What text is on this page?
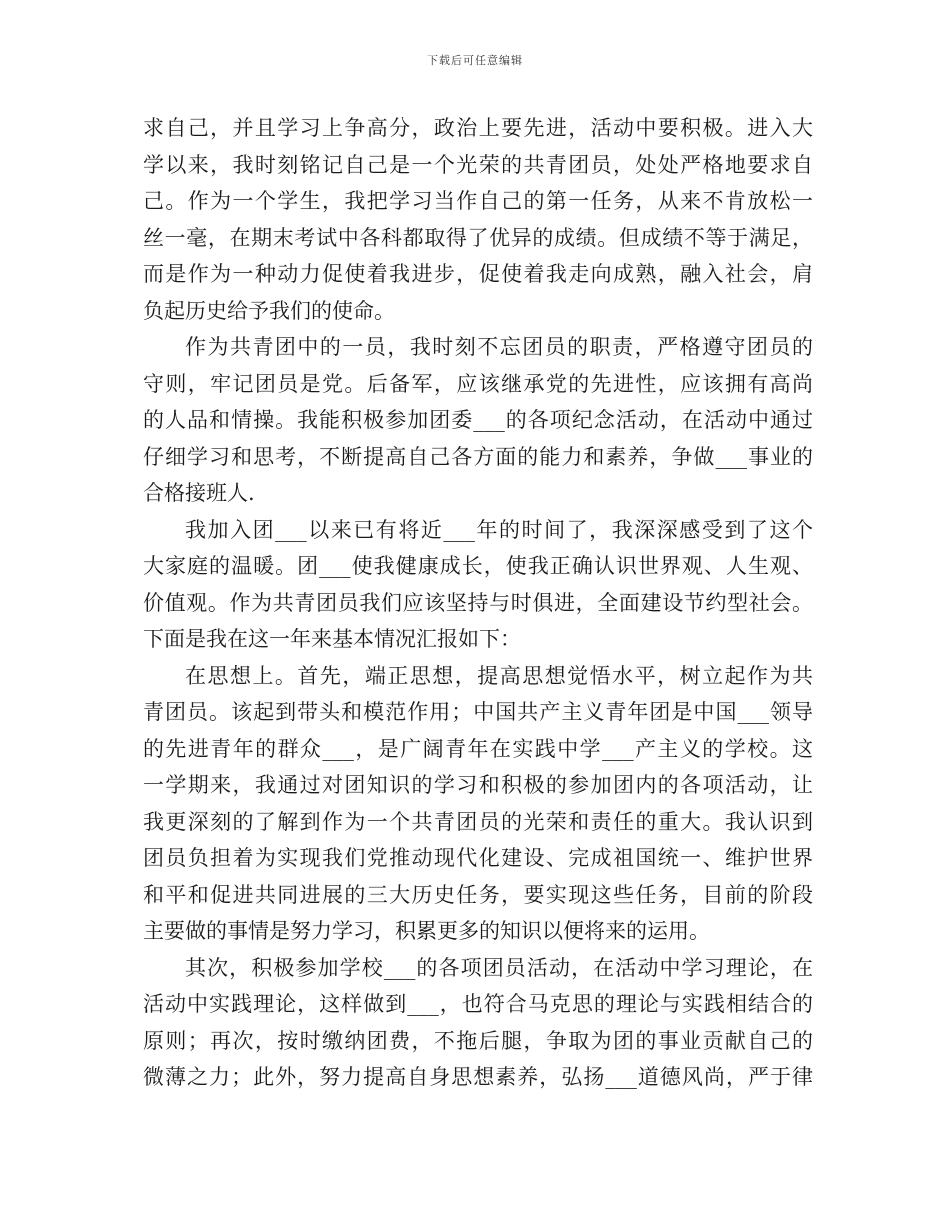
下载后可任意编辑
求自己，并且学习上争高分，政治上要先进，活动中要积极。进入大
学以来，我时刻铭记自己是一个光荣的共青团员，处处严格地要求自
己。作为一个学生，我把学习当作自己的第一任务，从来不肯放松一
丝一毫，在期末考试中各科都取得了优异的成绩。但成绩不等于满足，
而是作为一种动力促使着我进步，促使着我走向成熟，融入社会，肩
负起历史给予我们的使命。
作为共青团中的一员，我时刻不忘团员的职责，严格遵守团员的
守则，牢记团员是党。后备军，应该继承党的先进性，应该拥有高尚
的人品和情操。我能积极参加团委___的各项纪念活动，在活动中通过
仔细学习和思考，不断提高自己各方面的能力和素养，争做___事业的
合格接班人.
我加入团___以来已有将近___年的时间了，我深深感受到了这个
大家庭的温暖。团___使我健康成长，使我正确认识世界观、人生观、
价值观。作为共青团员我们应该坚持与时俱进，全面建设节约型社会。
下面是我在这一年来基本情况汇报如下：
在思想上。首先，端正思想，提高思想觉悟水平，树立起作为共
青团员。该起到带头和模范作用；中国共产主义青年团是中国___领导
的先进青年的群众___，是广阔青年在实践中学___产主义的学校。这
一学期来，我通过对团知识的学习和积极的参加团内的各项活动，让
我更深刻的了解到作为一个共青团员的光荣和责任的重大。我认识到
团员负担着为实现我们党推动现代化建设、完成祖国统一、维护世界
和平和促进共同进展的三大历史任务，要实现这些任务，目前的阶段
主要做的事情是努力学习，积累更多的知识以便将来的运用。
其次，积极参加学校___的各项团员活动，在活动中学习理论，在
活动中实践理论，这样做到___，也符合马克思的理论与实践相结合的
原则；再次，按时缴纳团费，不拖后腿，争取为团的事业贡献自己的
微薄之力；此外，努力提高自身思想素养，弘扬___道德风尚，严于律
